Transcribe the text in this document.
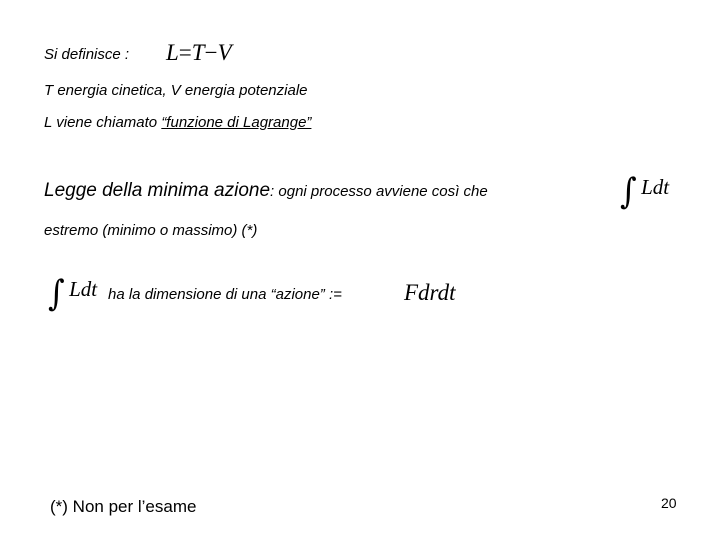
Si definisce : L=T−V
T energia cinetica, V energia potenziale
L viene chiamato “funzione di Lagrange”
Legge della minima azione: ogni processo avviene così che	∫ Ldt
estremo (minimo o massimo) (*)
∫ Ldt ha la dimensione di una “azione” :=	Fdrdt
(*) Non per l’esame	20
